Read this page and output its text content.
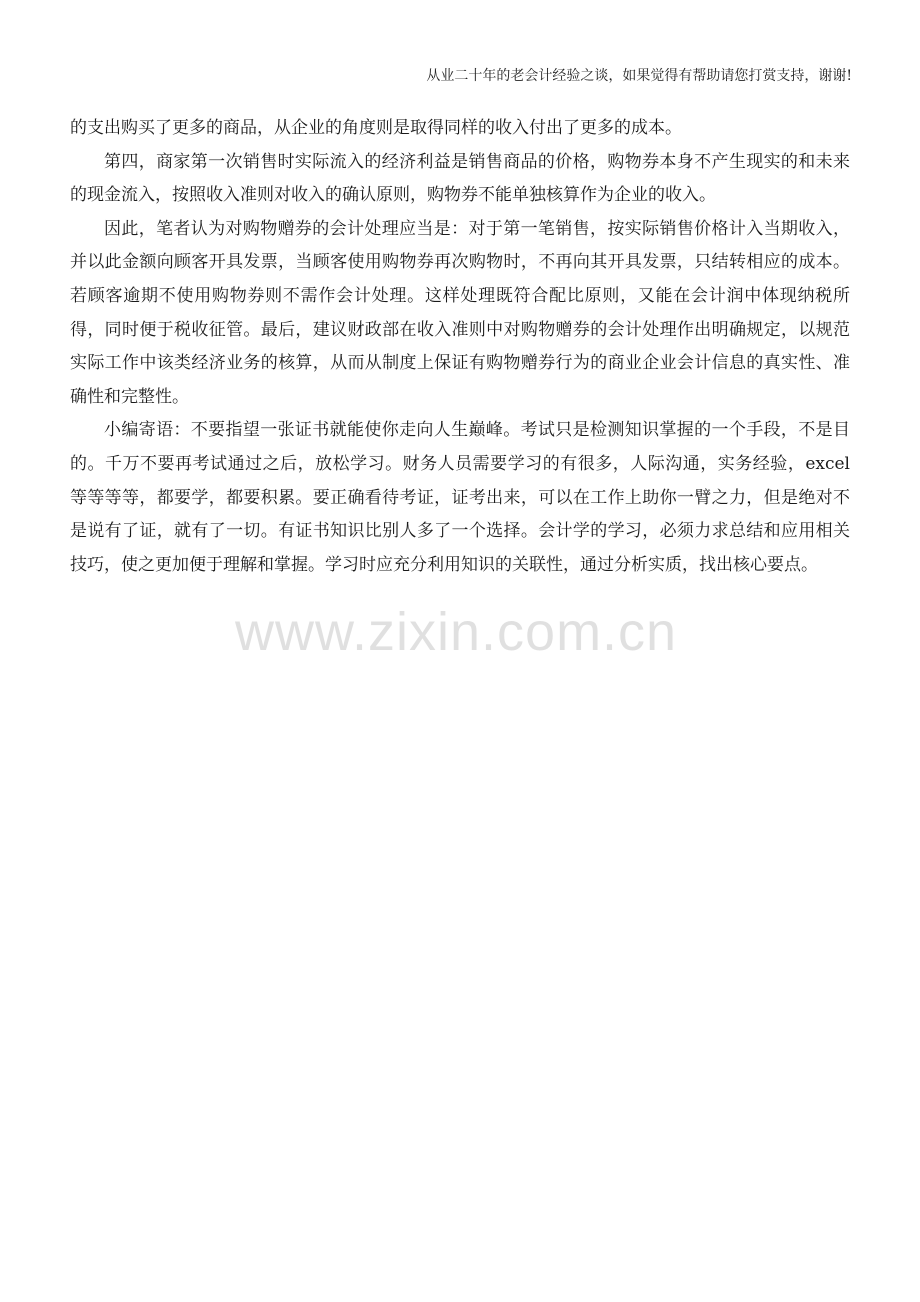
从业二十年的老会计经验之谈，如果觉得有帮助请您打赏支持，谢谢!

的支出购买了更多的商品，从企业的角度则是取得同样的收入付出了更多的成本。

第四，商家第一次销售时实际流入的经济利益是销售商品的价格，购物券本身不产生现实的和未来的现金流入，按照收入准则对收入的确认原则，购物券不能单独核算作为企业的收入。

因此，笔者认为对购物赠券的会计处理应当是：对于第一笔销售，按实际销售价格计入当期收入，并以此金额向顾客开具发票，当顾客使用购物券再次购物时，不再向其开具发票，只结转相应的成本。若顾客逾期不使用购物券则不需作会计处理。这样处理既符合配比原则，又能在会计润中体现纳税所得，同时便于税收征管。最后，建议财政部在收入准则中对购物赠券的会计处理作出明确规定，以规范实际工作中该类经济业务的核算，从而从制度上保证有购物赠券行为的商业企业会计信息的真实性、准确性和完整性。

小编寄语：不要指望一张证书就能使你走向人生巅峰。考试只是检测知识掌握的一个手段，不是目的。千万不要再考试通过之后，放松学习。财务人员需要学习的有很多，人际沟通，实务经验，excel 等等等等，都要学，都要积累。要正确看待考证，证考出来，可以在工作上助你一臂之力，但是绝对不是说有了证，就有了一切。有证书知识比别人多了一个选择。会计学的学习，必须力求总结和应用相关技巧，使之更加便于理解和掌握。学习时应充分利用知识的关联性，通过分析实质，找出核心要点。

www.zixin.com.cn
